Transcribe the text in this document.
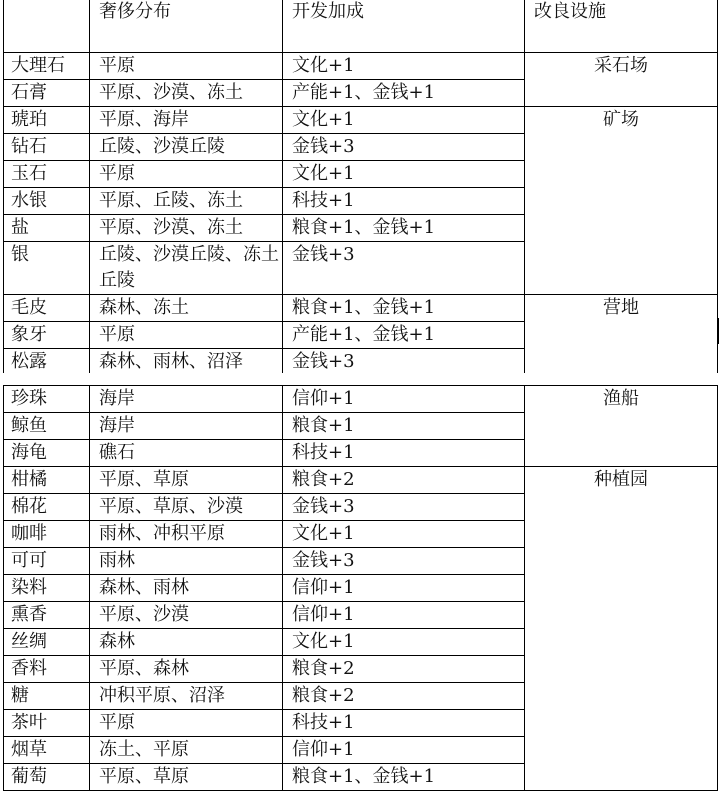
	奢侈分布	开发加成	改良设施
大理石	平原	文化+1	采石场
石膏	平原、沙漠、冻土	产能+1、金钱+1	
琥珀	平原、海岸	文化+1	矿场
钻石	丘陵、沙漠丘陵	金钱+3	
玉石	平原	文化+1	
水银	平原、丘陵、冻土	科技+1	
盐	平原、沙漠、冻土	粮食+1、金钱+1	
银	丘陵、沙漠丘陵、冻土丘陵	金钱+3	
毛皮	森林、冻土	粮食+1、金钱+1	营地
象牙	平原	产能+1、金钱+1	
松露	森林、雨林、沼泽	金钱+3	
珍珠	海岸	信仰+1	渔船
鲸鱼	海岸	粮食+1	
海龟	礁石	科技+1	
柑橘	平原、草原	粮食+2	种植园
棉花	平原、草原、沙漠	金钱+3	
咖啡	雨林、冲积平原	文化+1	
可可	雨林	金钱+3	
染料	森林、雨林	信仰+1	
熏香	平原、沙漠	信仰+1	
丝绸	森林	文化+1	
香料	平原、森林	粮食+2	
糖	冲积平原、沼泽	粮食+2	
茶叶	平原	科技+1	
烟草	冻土、平原	信仰+1	
葡萄	平原、草原	粮食+1、金钱+1	
